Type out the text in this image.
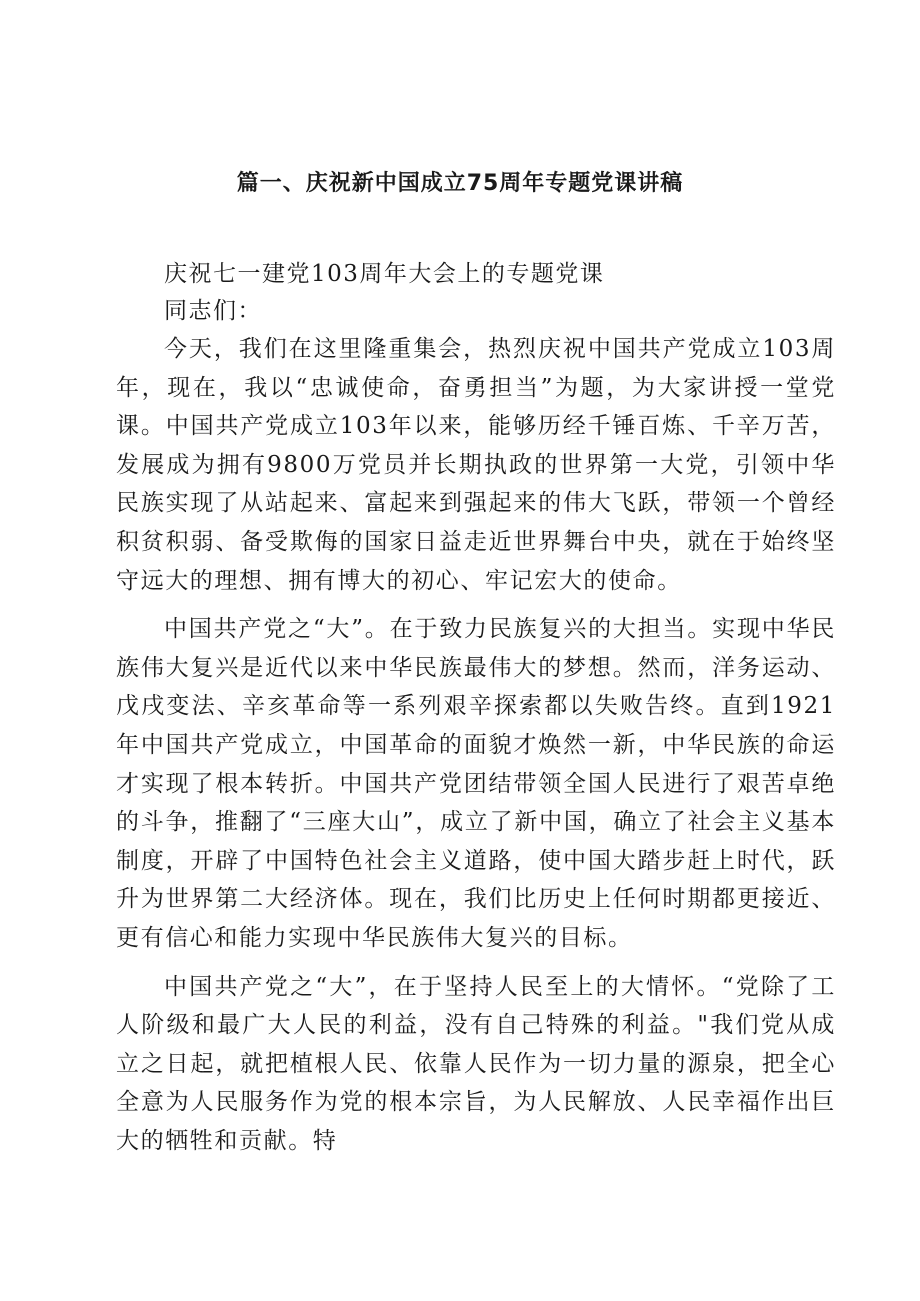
篇一、庆祝新中国成立75周年专题党课讲稿

庆祝七一建党103周年大会上的专题党课

同志们：

今天，我们在这里隆重集会，热烈庆祝中国共产党成立103周年，现在，我以“忠诚使命，奋勇担当”为题，为大家讲授一堂党课。中国共产党成立103年以来，能够历经千锤百炼、千辛万苦，发展成为拥有9800万党员并长期执政的世界第一大党，引领中华民族实现了从站起来、富起来到强起来的伟大飞跃，带领一个曾经积贫积弱、备受欺侮的国家日益走近世界舞台中央，就在于始终坚守远大的理想、拥有博大的初心、牢记宏大的使命。

中国共产党之“大”。在于致力民族复兴的大担当。实现中华民族伟大复兴是近代以来中华民族最伟大的梦想。然而，洋务运动、戊戌变法、辛亥革命等一系列艰辛探索都以失败告终。直到1921年中国共产党成立，中国革命的面貌才焕然一新，中华民族的命运才实现了根本转折。中国共产党团结带领全国人民进行了艰苦卓绝的斗争，推翻了“三座大山”，成立了新中国，确立了社会主义基本制度，开辟了中国特色社会主义道路，使中国大踏步赶上时代，跃升为世界第二大经济体。现在，我们比历史上任何时期都更接近、更有信心和能力实现中华民族伟大复兴的目标。

中国共产党之“大”，在于坚持人民至上的大情怀。“党除了工人阶级和最广大人民的利益，没有自己特殊的利益。"我们党从成立之日起，就把植根人民、依靠人民作为一切力量的源泉，把全心全意为人民服务作为党的根本宗旨，为人民解放、人民幸福作出巨大的牺牲和贡献。特
